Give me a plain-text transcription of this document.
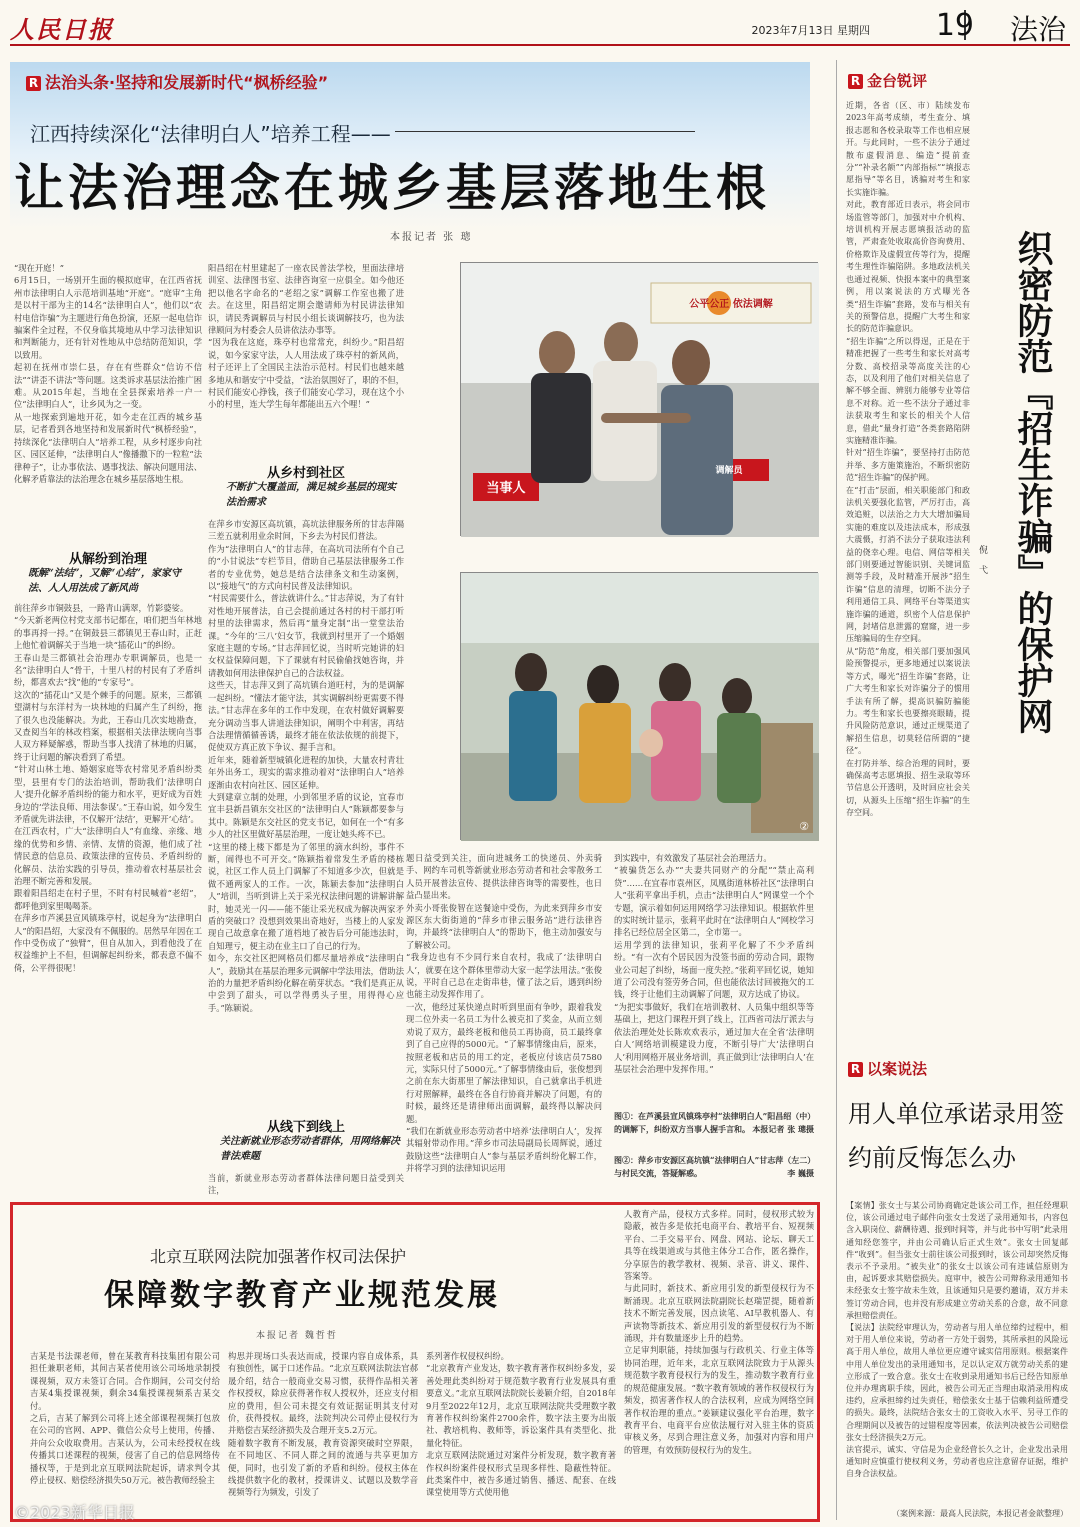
人民日报	2023年7月13日 星期四 19 法治
R 法治头条·坚持和发展新时代“枫桥经验”
江西持续深化“法律明白人”培养工程——
让法治理念在城乡基层落地生根
本报记者 张 璁
“现在开庭！”
6月15日，一场别开生面的模拟庭审，在江西省抚州市法律明白人示范培训基地“开庭”。“庭审”主角是以村干部为主的14名“法律明白人”，他们以“农村电信诈骗”为主题进行角色扮演，还原一起电信诈骗案件全过程，不仅身临其境地从中学习法律知识和判断能力，还有针对性地从中总结防范知识，学以致用。
起初在抚州市崇仁县，存在有些群众“信访不信法”“讲歪不讲法”等问题。这类诉求基层法治推广困难。从2015年起，当地在全县探索培养一户一位“法律明白人”，让乡风为之一变。
从一地探索到遍地开花，如今走在江西的城乡基层，记者看到各地坚持和发展新时代“枫桥经验”，持续深化“法律明白人”培养工程，从乡村逐步向社区、园区延伸，“法律明白人”像播撒下的一粒粒“法律种子”，让办事依法、遇事找法、解决问题用法、化解矛盾靠法的法治理念在城乡基层落地生根。
从解纷到治理
既解“法结”，又解“心结”，家家守法、人人用法成了新风尚
前往萍乡市铜鼓县，一路青山满翠，竹影婆娑。
“今天新老两位村党支部书记都在，咱们把当年林地的事再捋一捋。”在铜鼓县三都镇见王春山时，正赶上他忙着调解关于当地一块“插花山”的纠纷。
王春山是三都镇社会治理办专职调解员，也是一名“法律明白人”骨干，十里八村的村民有了矛盾纠纷，都喜欢去“找”他的“专家号”。
这次的“插花山”又是个棘手的问题。原来，三都镇望湖村与东洋村为一块林地的归属产生了纠纷，拖了很久也没能解决。为此，王春山几次实地勘查，又查阅当年的林改档案，根据相关法律法规向当事人双方释疑解惑，帮助当事人找清了林地的归属，终于让问题的解决看到了希望。
“针对山林土地、婚姻家庭等农村常见矛盾纠纷类型，县里有专门的法治培训，帮助我们‘法律明白人’提升化解矛盾纠纷的能力和水平，更好成为百姓身边的‘学法良师、用法参谋’。”王春山说，如今发生矛盾就先讲法律，不仅解开‘法结’，更解开‘心结’。
在江西农村，广大“法律明白人”有血缘、亲缘、地缘的优势和乡情、亲情、友情的资源，他们成了社情民意的信息员、政策法律的宣传员、矛盾纠纷的化解员、法治实践的引导员，推动着农村基层社会治理不断完善和发展。
跟着阳昌绍走在村子里，不时有村民喊着“老绍”，都呼他到家里喝喝茶。
在萍乡市芦溪县宣风镇珠亭村，说起身为“法律明白人”的阳昌绍，大家没有不佩服的。居然早年因在工作中受伤成了“独臂”，但自从加入，到看他没了在权益维护上不但，但调解起纠纷来，都表意不偏不倚，公平得很呢！
阳昌绍在村里建起了一座农民普法学校，里面法律培训室、法律图书室、法律咨询室一应俱全。如今他还把以他名字命名的“老绍之家”调解工作室也搬了进去。在这里，阳昌绍定期会邀请师为村民讲法律知识，请民秀调解员与村民小组长谈调解技巧，也为法律顾问为村委会人员讲依法办事等。
“因为我在这庭，珠亭村也常常充，纠纷少。”阳昌绍说，如今家家守法，人人用法成了珠亭村的新风尚，村子还评上了全国民主法治示范村。村民们也越来越多地从和谐安宁中受益，“法治氛围好了，职的不但，村民们能安心挣钱，孩子们能安心学习，现在这个小小的村里，连大学生每年都能出五六个哩！”
从乡村到社区
不断扩大覆盖面，满足城乡基层的现实法治需求
在萍乡市安源区高坑镇，高坑法律服务所的甘志萍隔三差五就利用业余时间，下乡去为村民们普法。
作为“法律明白人”的甘志萍，在高坑司法所有个自己的“小甘说法”专栏节目，借助自己基层法律服务工作者的专业优势，她总是结合法律条文和生动案例，以“接地气”的方式向村民普及法律知识。
“村民需要什么，普法就讲什么。”甘志萍说，为了有针对性地开展普法，自己会提前通过各村的村干部打听村里的法律需求，然后再“量身定制”出一堂堂法治课。“今年的‘三八’妇女节，我就到村里开了一个婚姻家庭主题的专场。”甘志萍回忆说，当时听完她讲的妇女权益保障问题，下了课就有村民偷偷找她咨询，并请教如何用法律保护自己的合法权益。
这些天，甘志萍又到了高坑镇台道旺村，为的是调解一起纠纷。“懂法才能守法，其实调解纠纷更需要不得法。”甘志萍在多年的工作中发现，在农村做好调解要充分调动当事人讲道法律知识，阐明个中利害，再结合法理情循循善诱，最终才能在依法依规的前提下，促使双方真正放下争议、握手言和。
近年来，随着新型城镇化进程的加快，大量农村青壮年外出务工，现实的需求推动着对“法律明白人”培养逐渐由农村向社区、园区延伸。
大到建章立制的处理，小到邻里矛盾的议论，宜春市宜丰县新昌镇东交社区的“法律明白人”陈颖都要参与其中。陈颖是东交社区的党支书记，如何在一个“有多少人的社区里做好基层治理，一度让她头疼不已。
“这里的楼上楼下都是为了邻里的滴水纠纷，事件不断，闹得也不可开交。”陈颖指着常发生矛盾的楼栋说，社区工作人员上门调解了不知道多少次，但就是做不通两家人的工作。一次，陈颖去参加“法律明白人”培训，当听到讲上关于采光权法律问题的讲解讲解时，她灵光一闪——能不能让采光权成为解决两家矛盾的突破口？没想到效果出奇地好，当楼上的人家发现自己故意拿在搬了道档地了被告后分可能违法时，自知理亏，便主动在业主口了自己的行为。
如今，东交社区把网格员们都尽量培养成“法律明白人”，鼓励其在基层治理多元调解中学法用法，借助法治的力量把矛盾纠纷化解在萌芽状态。“我们是真正从中尝到了甜头，可以学得勇头子里，用得得心应手。”陈颖说。
从线下到线上
关注新就业形态劳动者群体，用网络解决普法难题
当前，新就业形态劳动者群体法律问题日益受到关注，
公平公正 依法调解
当事人
调解员
②
题日益受到关注，面向进城务工的快递员、外卖骑手、网约车司机等新就业形态劳动者和社会零散务工人员开展普法宣传、提供法律咨询等的需要性，也日益凸显出来。
外卖小哥张俊智在送餐途中受伤，为此来到萍乡市安源区东大街街道的“萍乡市律云服务站”进行法律咨询，并最终“法律明白人”的帮助下，他主动加强安与了解被公司。
“我身边也有不少同行来自农村，我成了‘法律明白人’，就要在这个群体里带动大家一起学法用法。”张俊说，平时自己总在走街串巷，懂了法之后，遇到纠纷也能主动发挥作用了。
一次，他经过某快递点时听到里面有争吵，跟着我发现二位外卖一名员工为什么被克扣了奖金，从而立刻劝说了双方，最终老板和他员工再协商，员工最终拿到了自己应得的5000元。“了解事情缘由后，原来，按照老板和店员的用工约定，老板应付该店员7580元，实际只付了5000元。”了解事情缘由后，张俊想到之前在东大街那里了解法律知识，自己就拿出手机进行对照解释，最终在各自行协商并解决了问题，有的时候，最终还是请律师出面调解，最终得以解决问题。
“我们在新就业形态劳动者中培养‘法律明白人’，发挥其辐射带动作用。”萍乡市司法局副局长周辉说，通过鼓励这些“法律明白人”参与基层矛盾纠纷化解工作，并将学习到的法律知识运用
到实践中，有效激发了基层社会治理活力。
“被骗货怎么办”“夫妻共同财产的分配”“禁止高利贷”……在宜春市袁州区，凤凰街道林桥社区“法律明白人”张莉平拿出手机，点击“法律明白人”网课堂一个个专题，演示着如何运用网络学习法律知识。根据软件里的实时统计显示，张莉平此时在“法律明白人”网校学习排名已经位居全区第二，全市第一。
运用学到的法律知识，张莉平化解了不少矛盾纠纷。“有一次有个居民因为没签书面的劳动合同，跟物业公司起了纠纷，场面一度失控。”张莉平回忆说，她知道了公司没有签劳务合同，但也能依法讨回被拖欠的工钱，终于让他们主动调解了问题，双方达成了协议。
“为把实事做好，我们在培训教材、人员集中组织等等基础上，把这门课程开到了线上，江西省司法厅派去与依法治理处处长陈欢欢表示，通过加大在全省‘法律明白人’网络培训模建设力度，不断引导广大‘法律明白人’利用网格开展业务培训，真正做到让‘法律明白人’在基层社会治理中发挥作用。”
图①：在芦溪县宣风镇珠亭村“法律明白人”阳昌绍（中）的调解下，纠纷双方当事人握手言和。 本报记者 张 璁摄
图②：萍乡市安源区高坑镇“法律明白人”甘志萍（左二）与村民交流，答疑解惑。	李 巍摄
R 金台锐评
近期，各省（区、市）陆续发布2023年高考成绩，考生查分、填报志愿和各校录取等工作也相应展开。与此同时，一些不法分子通过散布虚假消息、编造“提前查分”“补录名额”“内部指标”“填报志愿指导”等名目，诱骗对考生和家长实施诈骗。
对此，教育部近日表示，将会同市场监管等部门，加强对中介机构、培训机构开展志愿填报活动的监管，严肃查处收取高价咨询费用、价格欺诈及虚假宣传等行为，提醒考生理性诈骗陷阱。多地政法机关也通过视频、快报本案中的典型案例，用以案说法的方式曝光各类“招生诈骗”套路，发布与相关有关的预警信息，提醒广大考生和家长的防范诈骗意识。
“招生诈骗”之所以得逞，正是在于精准把握了一些考生和家长对高考分数、高校招录等高度关注的心态，以及利用了他们对相关信息了解不够全面、辨别力能够专业等信息不对称。近一些不法分子通过非法获取考生和家长的相关个人信息，借此“量身打造”各类套路陷阱实施精准诈骗。
针对“招生诈骗”，要坚持打击防范并举、多方施策施治，不断织密防范“招生诈骗”的保护网。
在“打击”层面，相关职能部门和政法机关要强化监管，严厉打击，高效追赃，以法治之力大大增加骗局实施的难度以及违法成本，形成强大震慑，打消不法分子获取违法利益的侥幸心理。电信、网信等相关部门则要通过智能识别、关键词监测等手段，及时精准开展涉“招生诈骗”信息的清理，切断不法分子利用通信工具、网络平台等渠道实施诈骗的通道，织密个人信息保护网，封堵信息泄露的窟窿，进一步压缩骗局的生存空间。
从“防范”角度，相关部门要加强风险预警提示，更多地通过以案说法等方式，曝光“招生诈骗”套路，让广大考生和家长对诈骗分子的惯用手法有所了解，提高识骗防骗能力。考生和家长也要擦亮眼睛，提升风险防范意识，通过正规渠道了解招生信息，切莫轻信所谓的“捷径”。
在打防并举、综合治理的同时，要确保高考志愿填报、招生录取等环节信息公开透明，及时回应社会关切，从源头上压缩“招生诈骗”的生存空间。
织密防范『招生诈骗』的保护网
倪 弋
R 以案说法
用人单位承诺录用签约前反悔怎么办
【案情】张女士与某公司协商确定赴该公司工作，担任经理职位，该公司通过电子邮件向张女士发送了录用通知书，内容包含入职岗位、薪酬待遇、报到时间等，并与此书中写明“此录用通知经您签字，并由公司确认后正式生效”。张女士回复邮件“收到”。但当张女士前往该公司报到时，该公司却突然反悔表示不予录用。“被失业”的张女士以该公司有违诚信原则为由，起诉要求其赔偿损失。庭审中，被告公司辩称录用通知书未经张女士签字故未生效，且该通知只是要约邀请，双方并未签订劳动合同，也并没有形成建立劳动关系的合意，故不同意承担赔偿责任。
【说法】法院经审理认为，劳动者与用人单位缔约过程中，相对于用人单位来说，劳动者一方处于弱势，其所承担的风险远高于用人单位，故用人单位更应遵守诚实信用原则。根据案件中用人单位发出的录用通知书，足以认定双方就劳动关系的建立形成了一致合意。张女士在收到录用通知书后已经告知原单位并办理离职手续，因此，被告公司无正当理由取消录用构成违约，应承担缔约过失责任，赔偿张女士基于信赖利益所遭受的损失。最终，法院结合张女士的工资收入水平、另寻工作的合理期间以及被告的过错程度等因素，依法判决被告公司赔偿张女士经济损失2万元。
法官提示，诚实、守信是为企业经营长久之计，企业发出录用通知时应慎重行使权利义务，劳动者也应注意留存证据，维护自身合法权益。
（案例来源：最高人民法院，本报记者金歆整理）
北京互联网法院加强著作权司法保护
保障数字教育产业规范发展
本报记者 魏哲哲
吉某是书法课老师，曾在某教育科技集团有限公司担任兼职老师，其间吉某者使用该公司场地录制授课视频，双方未签订合同。合作期间，公司交付给吉某4集授课视频，剩余34集授课视频系吉某交付。
之后，吉某了解到公司将上述全部课程视频打包放在公司的官网、APP、微信公众号上使用，传播、并向公众收取费用。吉某认为，公司未经授权在线传播其口述课程的视频，侵害了自己的信息网络传播权等，于是到北京互联网法院起诉，请求判令其停止侵权、赔偿经济损失50万元。被告教师经验主
构思并现场口头表达而成，授课内容自成体系，具有独创性，属于口述作品。“北京互联网法院法官郝晟介绍，结合一般商业交易习惯，获得作品相关著作权授权，除应获得著作权人授权外，还应支付相应的费用，但公司未提交有效证据证明其支付对价，获得授权。最终，法院判决公司停止侵权行为并赔偿吉某经济损失及合理开支5.2万元。
随着数字教育不断发展，教育资源突破时空界限，在不同地区、不同人群之间的流通与共享更加方便，同时，也引发了新的矛盾和纠纷。侵权主体在线提供数字化的教材，授课讲义、试题以及数学音视频等行为频发，引发了
系列著作权侵权纠纷。
“北京教育产业发达，数字教育著作权纠纷多发，妥善处理此类纠纷对于规范数字教育行业发展具有重要意义。”北京互联网法院院长姜颖介绍，自2018年9月至2022年12月，北京互联网法院共受理数字教育著作权纠纷案件2700余件，数字法主要为出版社、教培机构、教师等，诉讼案件具有类型化、批量化特征。
北京互联网法院通过对案件分析发现，数字教育著作权纠纷案件侵权形式呈现多样性、隐蔽性特征。此类案件中，被告多通过销售、播送、配套、在线课堂使用等方式使用他
人教育产品，侵权方式多样。同时，侵权形式较为隐蔽，被告多是依托电商平台、教培平台、短视频平台、二手交易平台、网盘、网站、论坛、聊天工具等在线渠道或与其他主体分工合作，匿名操作，分享原告的教学教材、视频、录音、讲义、课件、答案等。
与此同时，新技术、新应用引发的新型侵权行为不断涌现。北京互联网法院副院长赵瑞罡提，随着新技术不断完善发展，因点读笔、AI早教机器人、有声读物等新技术、新应用引发的新型侵权行为不断涌现，并有数量逐步上升的趋势。
立足审判职能，持续加强与行政机关、行业主体等协同治理，近年来，北京互联网法院致力于从源头规范数字教育侵权行为的发生，推动数字教育行业的规范健康发展。“数字教育领域的著作权侵权行为频发，损害著作权人的合法权利，应成为网络空间著作权治理的重点。”姜颖建议强化平台治理，数字教育平台、电商平台应依法履行对入驻主体的资质审核义务，尽到合理注意义务，加强对内容和用户的管理，有效预防侵权行为的发生。
©2023新华日报
